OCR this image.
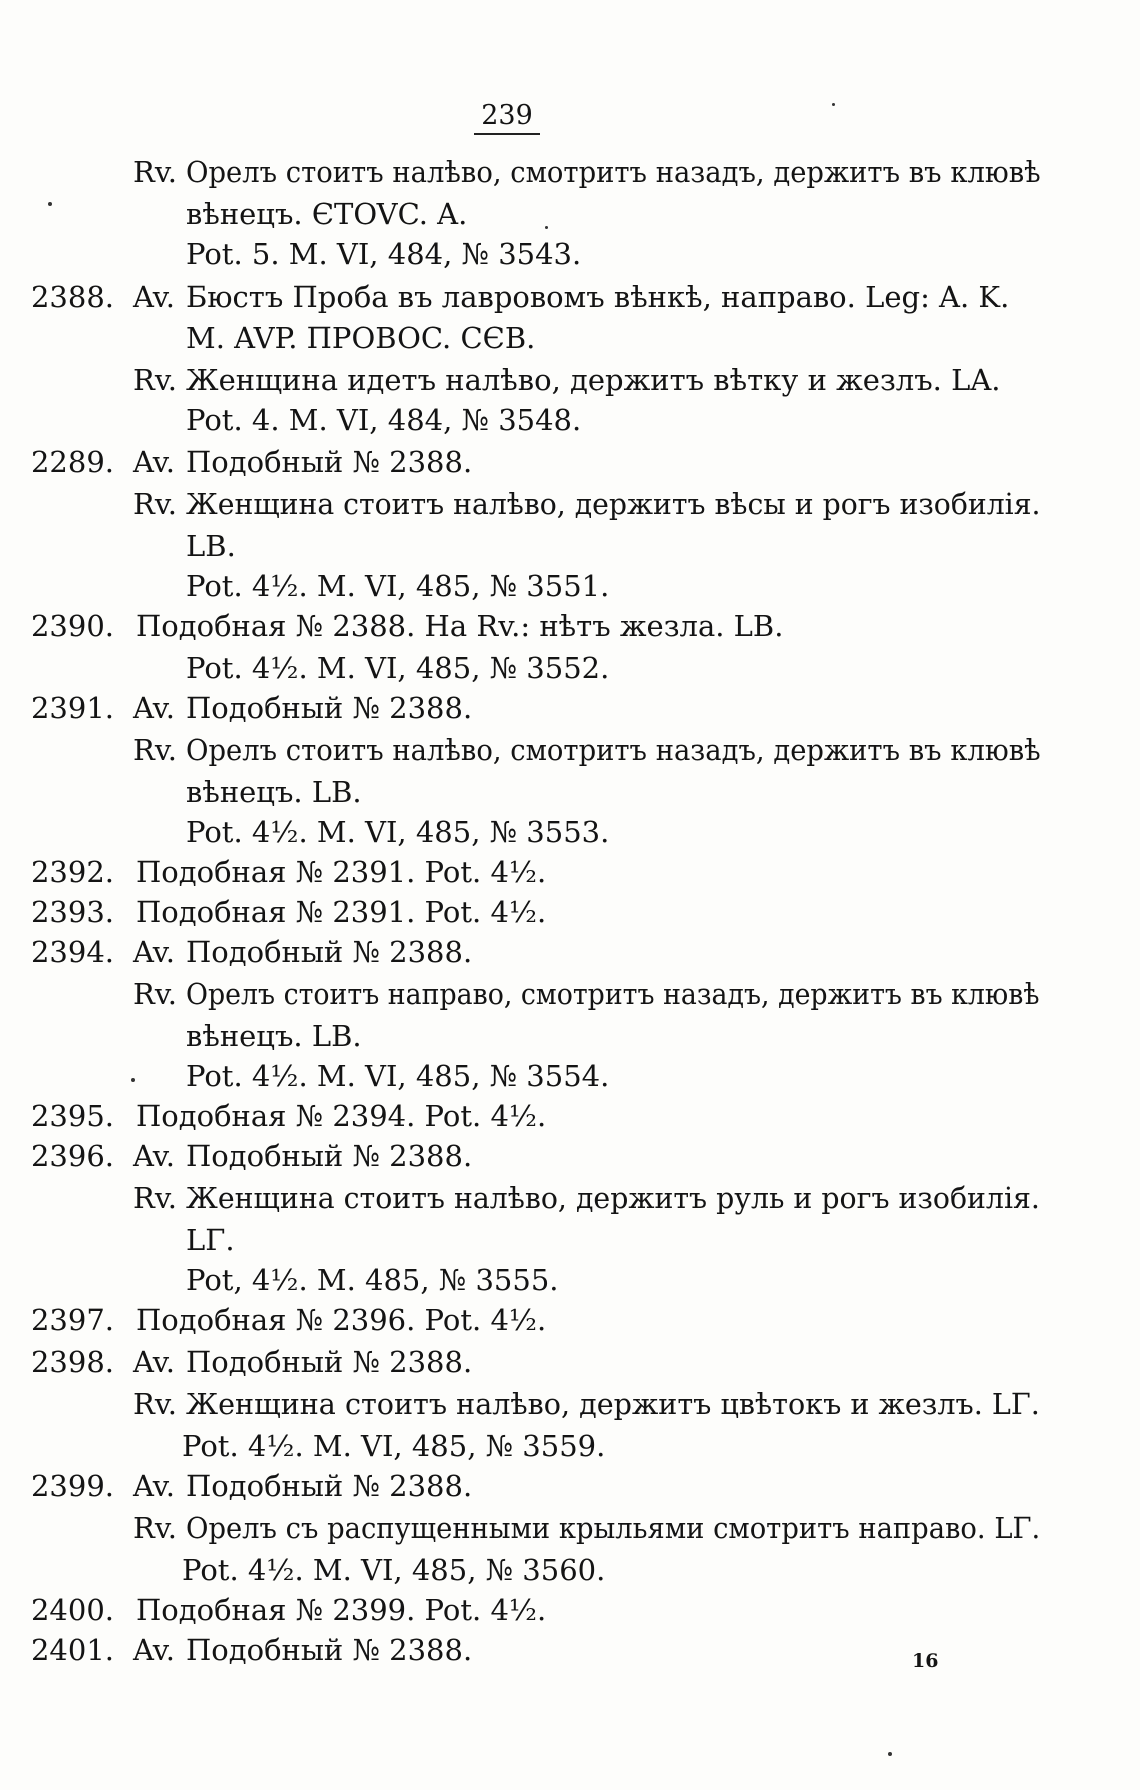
239
Rv. Орелъ стоитъ налѣво, смотритъ назадъ, держитъ въ клювѣ
вѣнецъ. ЄTOVC. A.
Pot. 5. M. VI, 484, № 3543.
2388. Av. Бюстъ Проба въ лавровомъ вѣнкѣ, направо. Leg: A. K.
M. AVP. ПPOBOC. CЄB.
Rv. Женщина идетъ налѣво, держитъ вѣтку и жезлъ. LA.
Pot. 4. M. VI, 484, № 3548.
2289. Av. Подобный № 2388.
Rv. Женщина стоитъ налѣво, держитъ вѣсы и рогъ изобилія.
LB.
Pot. 4½. M. VI, 485, № 3551.
2390. Подобная № 2388. На Rv.: нѣтъ жезла. LB.
Pot. 4½. M. VI, 485, № 3552.
2391. Av. Подобный № 2388.
Rv. Орелъ стоитъ налѣво, смотритъ назадъ, держитъ въ клювѣ
вѣнецъ. LB.
Pot. 4½. M. VI, 485, № 3553.
2392. Подобная № 2391. Pot. 4½.
2393. Подобная № 2391. Pot. 4½.
2394. Av. Подобный № 2388.
Rv. Орелъ стоитъ направо, смотритъ назадъ, держитъ въ клювѣ
вѣнецъ. LB.
Pot. 4½. M. VI, 485, № 3554.
2395. Подобная № 2394. Pot. 4½.
2396. Av. Подобный № 2388.
Rv. Женщина стоитъ налѣво, держитъ руль и рогъ изобилія.
LΓ.
Pot, 4½. M. 485, № 3555.
2397. Подобная № 2396. Pot. 4½.
2398. Av. Подобный № 2388.
Rv. Женщина стоитъ налѣво, держитъ цвѣтокъ и жезлъ. LΓ.
Pot. 4½. M. VI, 485, № 3559.
2399. Av. Подобный № 2388.
Rv. Орелъ съ распущенными крыльями смотритъ направо. LΓ.
Pot. 4½. M. VI, 485, № 3560.
2400. Подобная № 2399. Pot. 4½.
2401. Av. Подобный № 2388.	16
